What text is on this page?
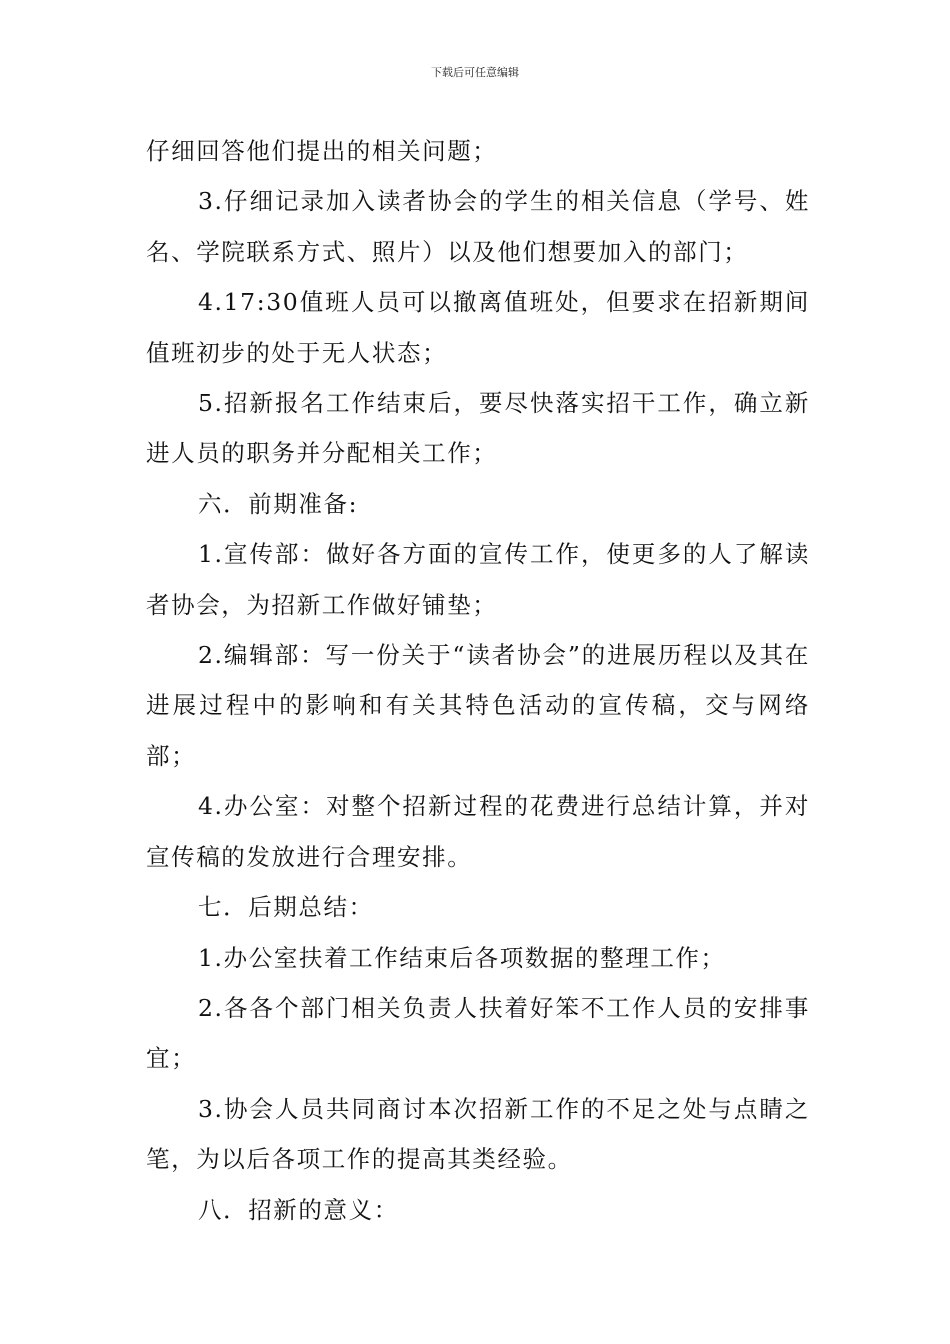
下载后可任意编辑

仔细回答他们提出的相关问题；

3.仔细记录加入读者协会的学生的相关信息（学号、姓名、学院联系方式、照片）以及他们想要加入的部门；

4.17:30值班人员可以撤离值班处，但要求在招新期间值班初步的处于无人状态；

5.招新报名工作结束后，要尽快落实招干工作，确立新进人员的职务并分配相关工作；

六．前期准备:

1.宣传部：做好各方面的宣传工作，使更多的人了解读者协会，为招新工作做好铺垫；

2.编辑部：写一份关于“读者协会”的进展历程以及其在进展过程中的影响和有关其特色活动的宣传稿，交与网络部；

4.办公室：对整个招新过程的花费进行总结计算，并对宣传稿的发放进行合理安排。

七．后期总结：

1.办公室扶着工作结束后各项数据的整理工作；

2.各各个部门相关负责人扶着好笨不工作人员的安排事宜；

3.协会人员共同商讨本次招新工作的不足之处与点睛之笔，为以后各项工作的提高其类经验。

八．招新的意义：
